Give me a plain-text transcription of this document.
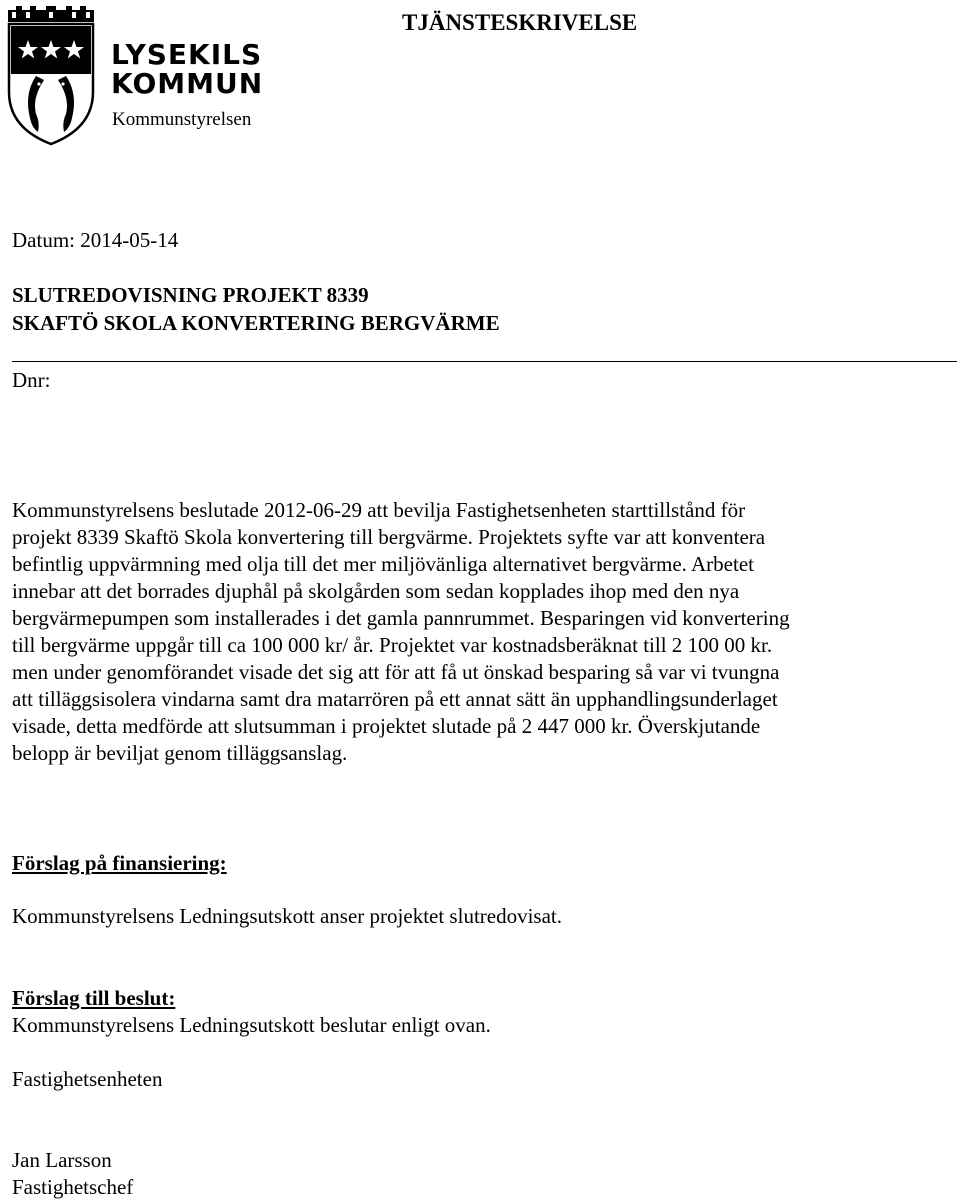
LYSEKILS
KOMMUN
Kommunstyrelsen
TJÄNSTESKRIVELSE
Datum: 2014-05-14
SLUTREDOVISNING PROJEKT 8339
SKAFTÖ SKOLA KONVERTERING BERGVÄRME
Dnr:
Kommunstyrelsens beslutade 2012-06-29 att bevilja Fastighetsenheten starttillstånd för
projekt 8339 Skaftö Skola konvertering till bergvärme. Projektets syfte var att konventera
befintlig uppvärmning med olja till det mer miljövänliga alternativet bergvärme. Arbetet
innebar att det borrades djuphål på skolgården som sedan kopplades ihop med den nya
bergvärmepumpen som installerades i det gamla pannrummet. Besparingen vid konvertering
till bergvärme uppgår till ca 100 000 kr/ år. Projektet var kostnadsberäknat till 2 100 00 kr.
men under genomförandet visade det sig att för att få ut önskad besparing så var vi tvungna
att tilläggsisolera vindarna samt dra matarrören på ett annat sätt än upphandlingsunderlaget
visade, detta medförde att slutsumman i projektet slutade på 2 447 000 kr. Överskjutande
belopp är beviljat genom tilläggsanslag.
Förslag på finansiering:
Kommunstyrelsens Ledningsutskott anser projektet slutredovisat.
Förslag till beslut:
Kommunstyrelsens Ledningsutskott beslutar enligt ovan.
Fastighetsenheten
Jan Larsson
Fastighetschef
